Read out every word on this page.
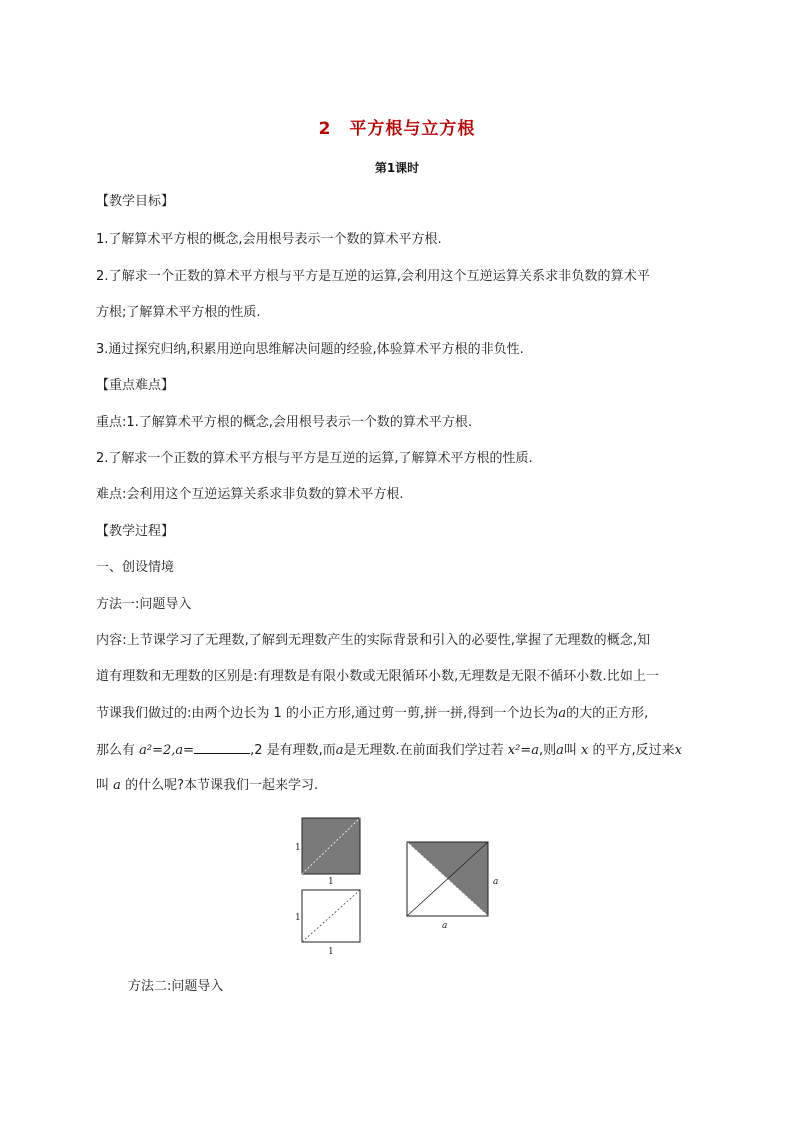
2 平方根与立方根
第1课时
【教学目标】
1.了解算术平方根的概念,会用根号表示一个数的算术平方根.
2.了解求一个正数的算术平方根与平方是互逆的运算,会利用这个互逆运算关系求非负数的算术平
方根;了解算术平方根的性质.
3.通过探究归纳,积累用逆向思维解决问题的经验,体验算术平方根的非负性.
【重点难点】
重点:1.了解算术平方根的概念,会用根号表示一个数的算术平方根.
2.了解求一个正数的算术平方根与平方是互逆的运算,了解算术平方根的性质.
难点:会利用这个互逆运算关系求非负数的算术平方根.
【教学过程】
一、创设情境
方法一:问题导入
内容:上节课学习了无理数,了解到无理数产生的实际背景和引入的必要性,掌握了无理数的概念,知
道有理数和无理数的区别是:有理数是有限小数或无限循环小数,无理数是无限不循环小数.比如上一
节课我们做过的:由两个边长为 1 的小正方形,通过剪一剪,拼一拼,得到一个边长为a的大的正方形,
那么有 a²=2,a=	,2 是有理数,而a是无理数.在前面我们学过若 x²=a,则a叫 x 的平方,反过来x
叫 a 的什么呢?本节课我们一起来学习.
1
1
1
1
a
a
方法二:问题导入
